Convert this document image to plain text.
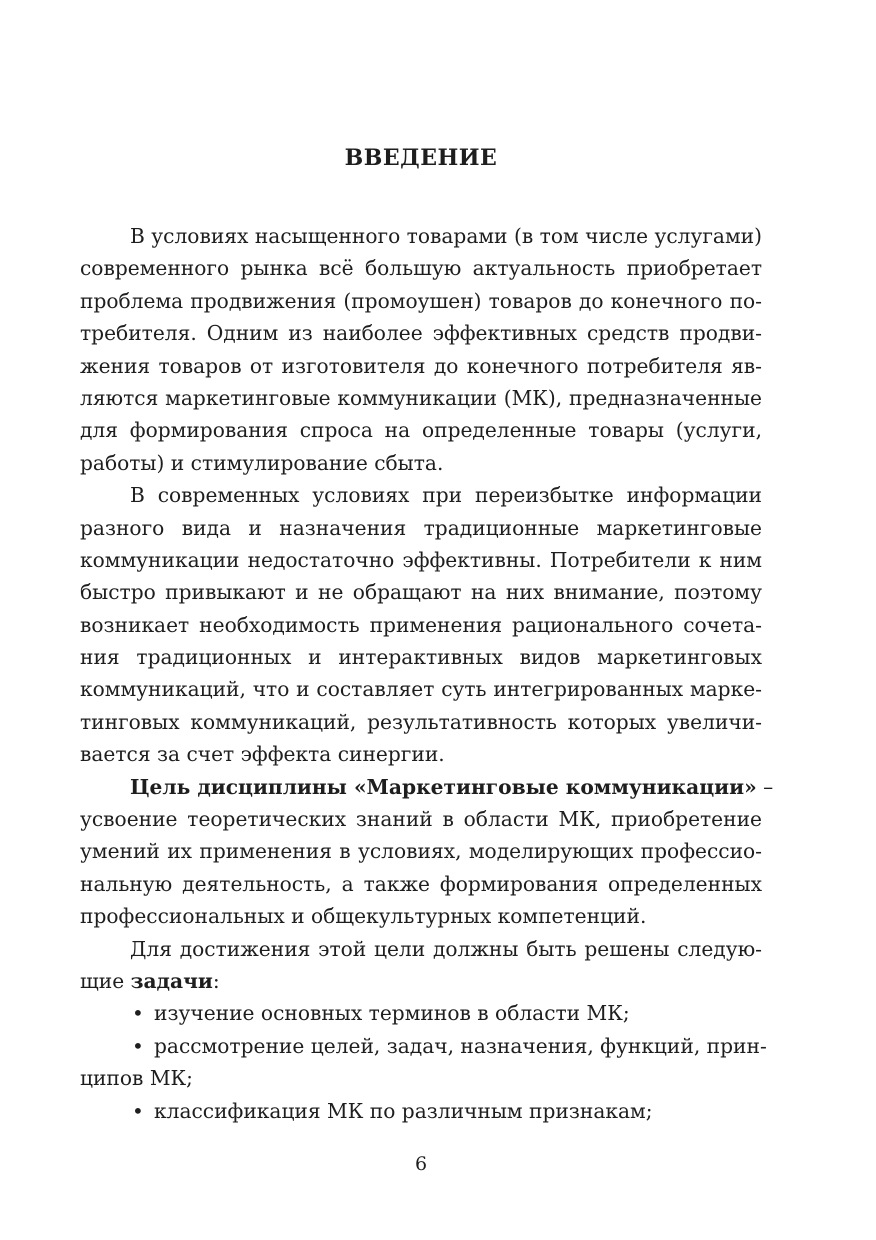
ВВЕДЕНИЕ
В условиях насыщенного товарами (в том числе услугами)
современного рынка всё большую актуальность приобретает
проблема продвижения (промоушен) товаров до конечного по-
требителя. Одним из наиболее эффективных средств продви-
жения товаров от изготовителя до конечного потребителя яв-
ляются маркетинговые коммуникации (МК), предназначенные
для формирования спроса на определенные товары (услуги,
работы) и стимулирование сбыта.
В современных условиях при переизбытке информации
разного вида и назначения традиционные маркетинговые
коммуникации недостаточно эффективны. Потребители к ним
быстро привыкают и не обращают на них внимание, поэтому
возникает необходимость применения рационального сочета-
ния традиционных и интерактивных видов маркетинговых
коммуникаций, что и составляет суть интегрированных марке-
тинговых коммуникаций, результативность которых увеличи-
вается за счет эффекта синергии.
Цель дисциплины «Маркетинговые коммуникации» –
усвоение теоретических знаний в области МК, приобретение
умений их применения в условиях, моделирующих профессио-
нальную деятельность, а также формирования определенных
профессиональных и общекультурных компетенций.
Для достижения этой цели должны быть решены следую-
щие задачи:
• изучение основных терминов в области МК;
• рассмотрение целей, задач, назначения, функций, прин-
ципов МК;
• классификация МК по различным признакам;
6
